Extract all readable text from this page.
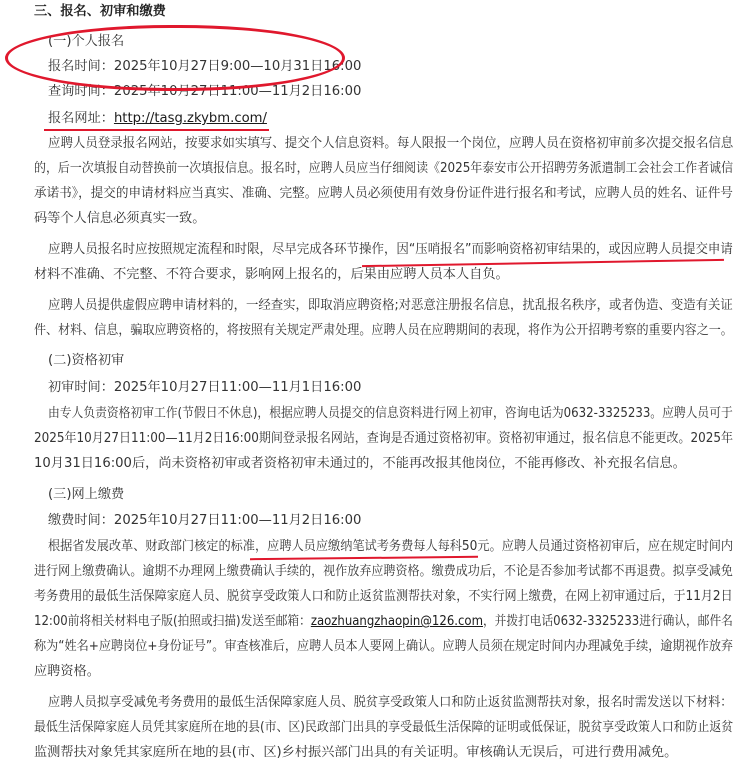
三、报名、初审和缴费
(一)个人报名
报名时间：2025年10月27日9:00—10月31日16:00
查询时间：2025年10月27日11:00—11月2日16:00
报名网址：http://tasg.zkybm.com/
应聘人员登录报名网站，按要求如实填写、提交个人信息资料。每人限报一个岗位，应聘人员在资格初审前多次提交报名信息
的，后一次填报自动替换前一次填报信息。报名时，应聘人员应当仔细阅读《2025年泰安市公开招聘劳务派遣制工会社会工作者诚信
承诺书》，提交的申请材料应当真实、准确、完整。应聘人员必须使用有效身份证件进行报名和考试，应聘人员的姓名、证件号
码等个人信息必须真实一致。
应聘人员报名时应按照规定流程和时限，尽早完成各环节操作，因“压哨报名”而影响资格初审结果的，或因应聘人员提交申请
材料不准确、不完整、不符合要求，影响网上报名的，后果由应聘人员本人自负。
应聘人员提供虚假应聘申请材料的，一经查实，即取消应聘资格;对恶意注册报名信息，扰乱报名秩序，或者伪造、变造有关证
件、材料、信息，骗取应聘资格的，将按照有关规定严肃处理。应聘人员在应聘期间的表现，将作为公开招聘考察的重要内容之一。
(二)资格初审
初审时间：2025年10月27日11:00—11月1日16:00
由专人负责资格初审工作(节假日不休息)，根据应聘人员提交的信息资料进行网上初审，咨询电话为0632-3325233。应聘人员可于
2025年10月27日11:00—11月2日16:00期间登录报名网站，查询是否通过资格初审。资格初审通过，报名信息不能更改。2025年
10月31日16:00后，尚未资格初审或者资格初审未通过的，不能再改报其他岗位，不能再修改、补充报名信息。
(三)网上缴费
缴费时间：2025年10月27日11:00—11月2日16:00
根据省发展改革、财政部门核定的标准，应聘人员应缴纳笔试考务费每人每科50元。应聘人员通过资格初审后，应在规定时间内
进行网上缴费确认。逾期不办理网上缴费确认手续的，视作放弃应聘资格。缴费成功后，不论是否参加考试都不再退费。拟享受减免
考务费用的最低生活保障家庭人员、脱贫享受政策人口和防止返贫监测帮扶对象，不实行网上缴费，在网上初审通过后，于11月2日
12:00前将相关材料电子版(拍照或扫描)发送至邮箱：zaozhuangzhaopin@126.com，并拨打电话0632-3325233进行确认，邮件名
称为“姓名+应聘岗位+身份证号”。审查核准后，应聘人员本人要网上确认。应聘人员须在规定时间内办理减免手续，逾期视作放弃
应聘资格。
应聘人员拟享受减免考务费用的最低生活保障家庭人员、脱贫享受政策人口和防止返贫监测帮扶对象，报名时需发送以下材料：
最低生活保障家庭人员凭其家庭所在地的县(市、区)民政部门出具的享受最低生活保障的证明或低保证，脱贫享受政策人口和防止返贫
监测帮扶对象凭其家庭所在地的县(市、区)乡村振兴部门出具的有关证明。审核确认无误后，可进行费用减免。
